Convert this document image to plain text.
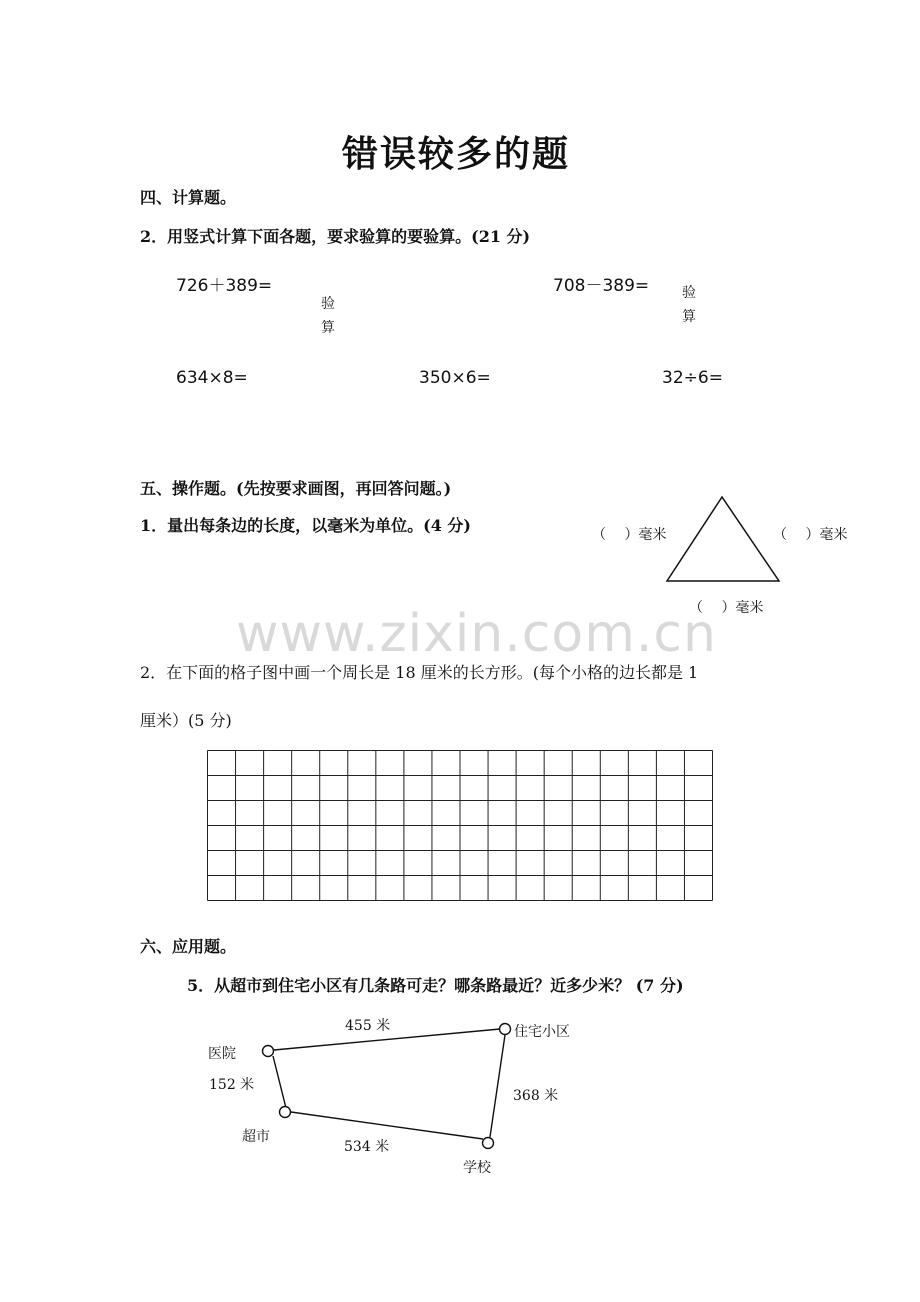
错误较多的题
四、计算题。
2．用竖式计算下面各题，要求验算的要验算。(21 分)
726＋389=
验
算
708－389= 验
算
634×8=	350×6=	32÷6=
五、操作题。(先按要求画图，再回答问题。)
1．量出每条边的长度，以毫米为单位。(4 分)	（　 ）毫米	（　 ）毫米
（　 ）毫米
www.zixin.com.cn
2．在下面的格子图中画一个周长是 18 厘米的长方形。(每个小格的边长都是 1
厘米）(5 分)
六、应用题。
5．从超市到住宅小区有几条路可走？哪条路最近？近多少米？ (7 分)
医院
住宅小区
超市
学校
455 米
152 米
534 米
368 米
